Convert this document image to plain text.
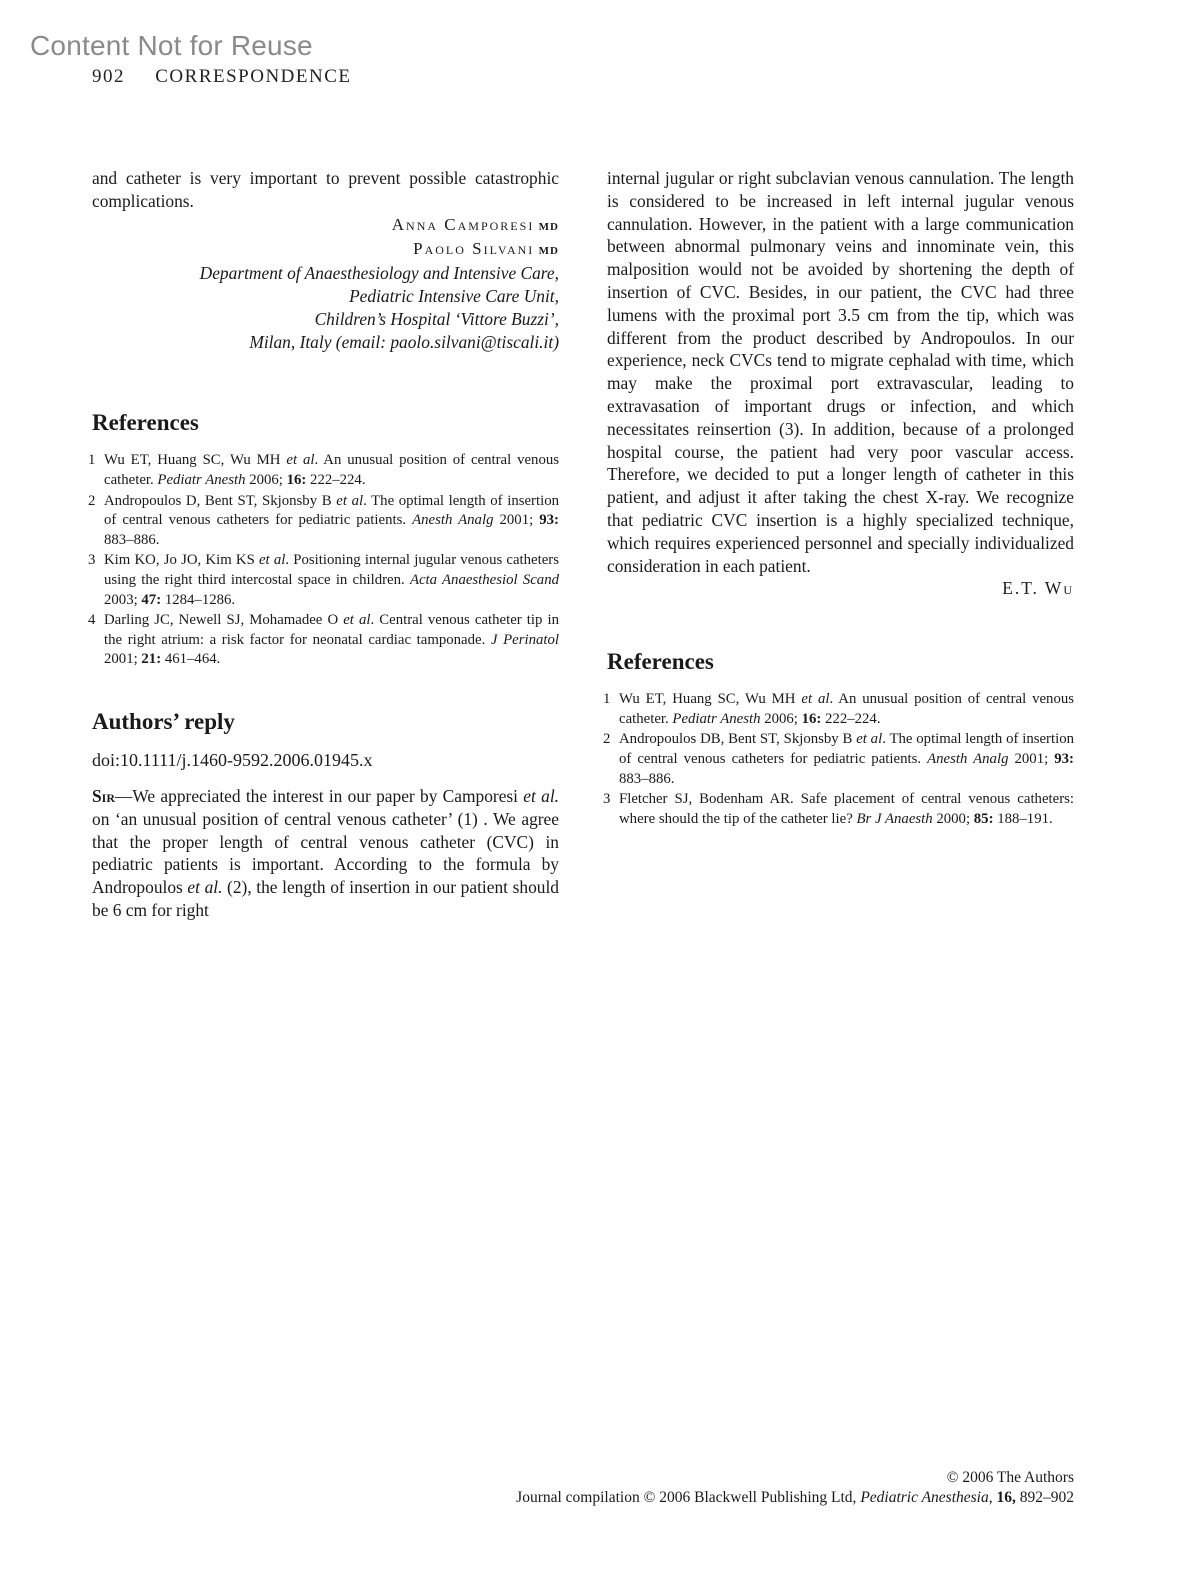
Content Not for Reuse
902 CORRESPONDENCE

and catheter is very important to prevent possible catastrophic complications.

Anna Camporesi md
Paolo Silvani md
Department of Anaesthesiology and Intensive Care,
Pediatric Intensive Care Unit,
Children’s Hospital ‘Vittore Buzzi’,
Milan, Italy (email: paolo.silvani@tiscali.it)
References
1 Wu ET, Huang SC, Wu MH et al. An unusual position of central venous catheter. Pediatr Anesth 2006; 16: 222–224.
2 Andropoulos D, Bent ST, Skjonsby B et al. The optimal length of insertion of central venous catheters for pediatric patients. Anesth Analg 2001; 93: 883–886.
3 Kim KO, Jo JO, Kim KS et al. Positioning internal jugular venous catheters using the right third intercostal space in children. Acta Anaesthesiol Scand 2003; 47: 1284–1286.
4 Darling JC, Newell SJ, Mohamadee O et al. Central venous catheter tip in the right atrium: a risk factor for neonatal cardiac tamponade. J Perinatol 2001; 21: 461–464.
Authors’ reply

doi:10.1111/j.1460-9592.2006.01945.x

Sir—We appreciated the interest in our paper by Camporesi et al. on ‘an unusual position of central venous catheter’ (1) . We agree that the proper length of central venous catheter (CVC) in pediatric patients is important. According to the formula by Andropoulos et al. (2), the length of insertion in our patient should be 6 cm for right

internal jugular or right subclavian venous cannulation. The length is considered to be increased in left internal jugular venous cannulation. However, in the patient with a large communication between abnormal pulmonary veins and innominate vein, this malposition would not be avoided by shortening the depth of insertion of CVC. Besides, in our patient, the CVC had three lumens with the proximal port 3.5 cm from the tip, which was different from the product described by Andropoulos. In our experience, neck CVCs tend to migrate cephalad with time, which may make the proximal port extravascular, leading to extravasation of important drugs or infection, and which necessitates reinsertion (3). In addition, because of a prolonged hospital course, the patient had very poor vascular access. Therefore, we decided to put a longer length of catheter in this patient, and adjust it after taking the chest X-ray. We recognize that pediatric CVC insertion is a highly specialized technique, which requires experienced personnel and specially individualized consideration in each patient.

E.T. Wu
References
1 Wu ET, Huang SC, Wu MH et al. An unusual position of central venous catheter. Pediatr Anesth 2006; 16: 222–224.
2 Andropoulos DB, Bent ST, Skjonsby B et al. The optimal length of insertion of central venous catheters for pediatric patients. Anesth Analg 2001; 93: 883–886.
3 Fletcher SJ, Bodenham AR. Safe placement of central venous catheters: where should the tip of the catheter lie? Br J Anaesth 2000; 85: 188–191.
© 2006 The Authors
Journal compilation © 2006 Blackwell Publishing Ltd, Pediatric Anesthesia, 16, 892–902
